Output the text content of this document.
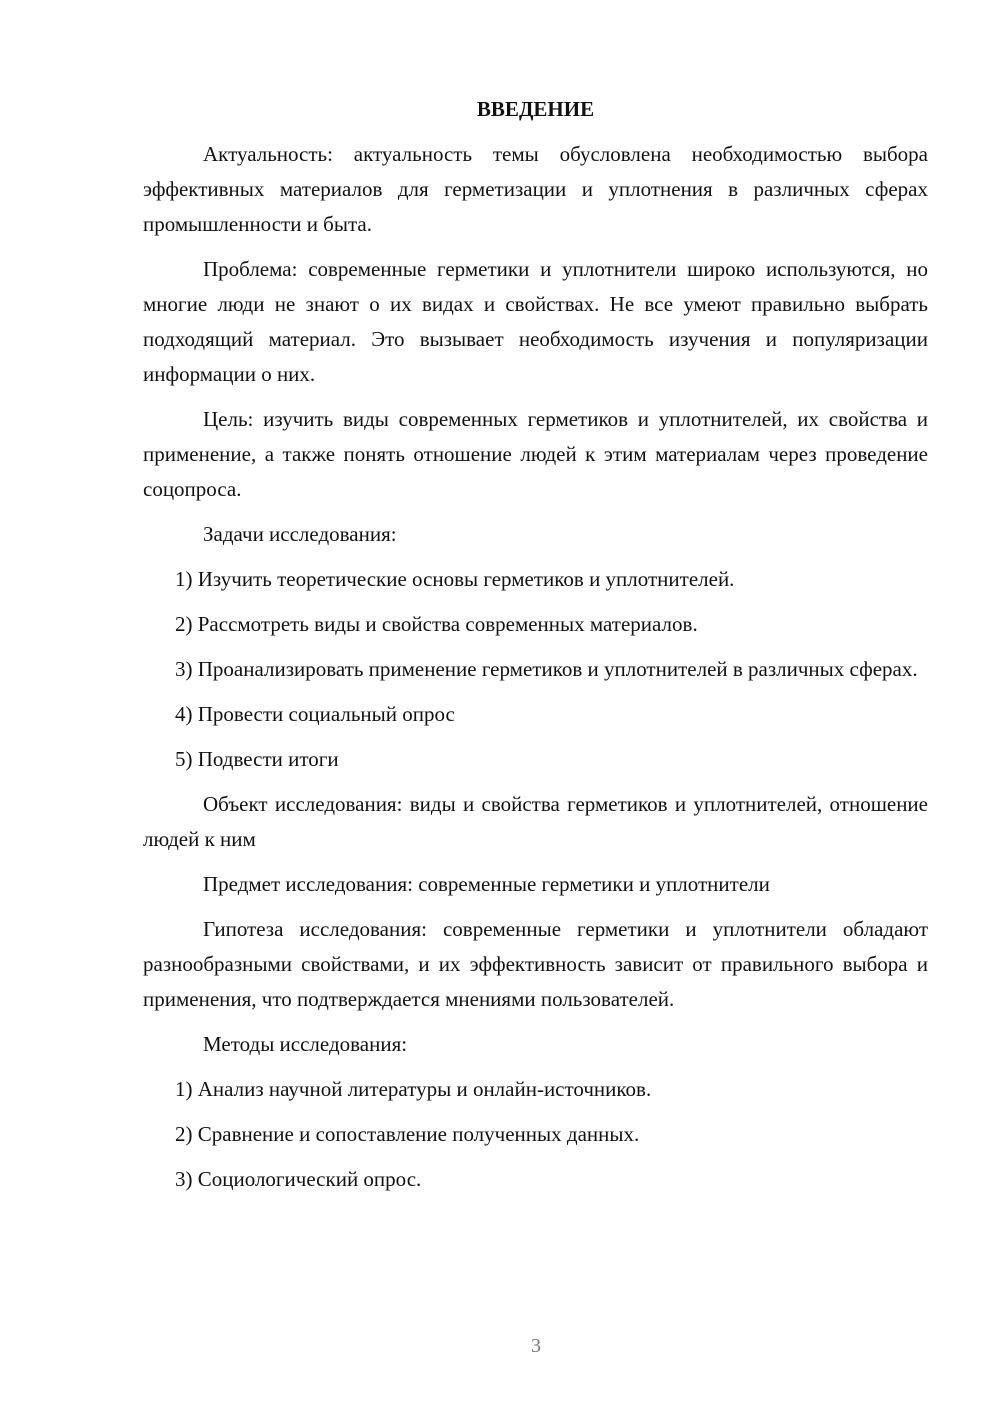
ВВЕДЕНИЕ

Актуальность: актуальность темы обусловлена необходимостью выбора эффективных материалов для герметизации и уплотнения в различных сферах промышленности и быта.

Проблема: современные герметики и уплотнители широко используются, но многие люди не знают о их видах и свойствах. Не все умеют правильно выбрать подходящий материал. Это вызывает необходимость изучения и популяризации информации о них.

Цель: изучить виды современных герметиков и уплотнителей, их свойства и применение, а также понять отношение людей к этим материалам через проведение соцопроса.

Задачи исследования:

1) Изучить теоретические основы герметиков и уплотнителей.

2) Рассмотреть виды и свойства современных материалов.

3) Проанализировать применение герметиков и уплотнителей в различных сферах.

4) Провести социальный опрос

5) Подвести итоги

Объект исследования: виды и свойства герметиков и уплотнителей, отношение людей к ним

Предмет исследования: современные герметики и уплотнители

Гипотеза исследования: современные герметики и уплотнители обладают разнообразными свойствами, и их эффективность зависит от правильного выбора и применения, что подтверждается мнениями пользователей.

Методы исследования:

1) Анализ научной литературы и онлайн-источников.

2) Сравнение и сопоставление полученных данных.

3) Социологический опрос.

3
